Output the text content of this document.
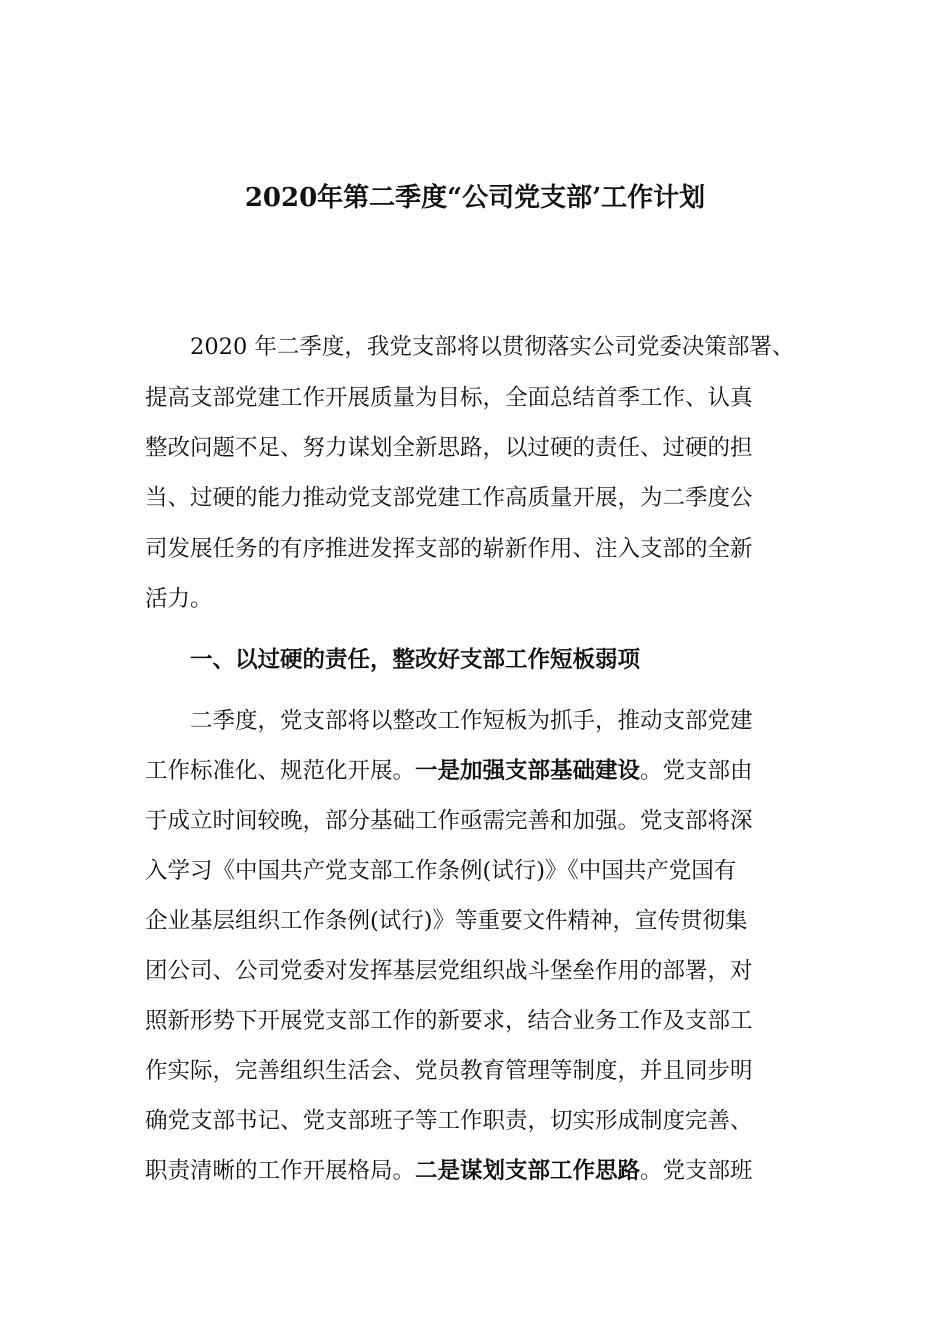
2020年第二季度“公司党支部’工作计划
2020 年二季度，我党支部将以贯彻落实公司党委决策部署、
提高支部党建工作开展质量为目标，全面总结首季工作、认真
整改问题不足、努力谋划全新思路，以过硬的责任、过硬的担
当、过硬的能力推动党支部党建工作高质量开展，为二季度公
司发展任务的有序推进发挥支部的崭新作用、注入支部的全新
活力。
一、以过硬的责任，整改好支部工作短板弱项
二季度，党支部将以整改工作短板为抓手，推动支部党建
工作标准化、规范化开展。一是加强支部基础建设。党支部由
于成立时间较晚，部分基础工作亟需完善和加强。党支部将深
入学习《中国共产党支部工作条例(试行)》《中国共产党国有
企业基层组织工作条例(试行)》等重要文件精神，宣传贯彻集
团公司、公司党委对发挥基层党组织战斗堡垒作用的部署，对
照新形势下开展党支部工作的新要求，结合业务工作及支部工
作实际，完善组织生活会、党员教育管理等制度，并且同步明
确党支部书记、党支部班子等工作职责，切实形成制度完善、
职责清晰的工作开展格局。二是谋划支部工作思路。党支部班
